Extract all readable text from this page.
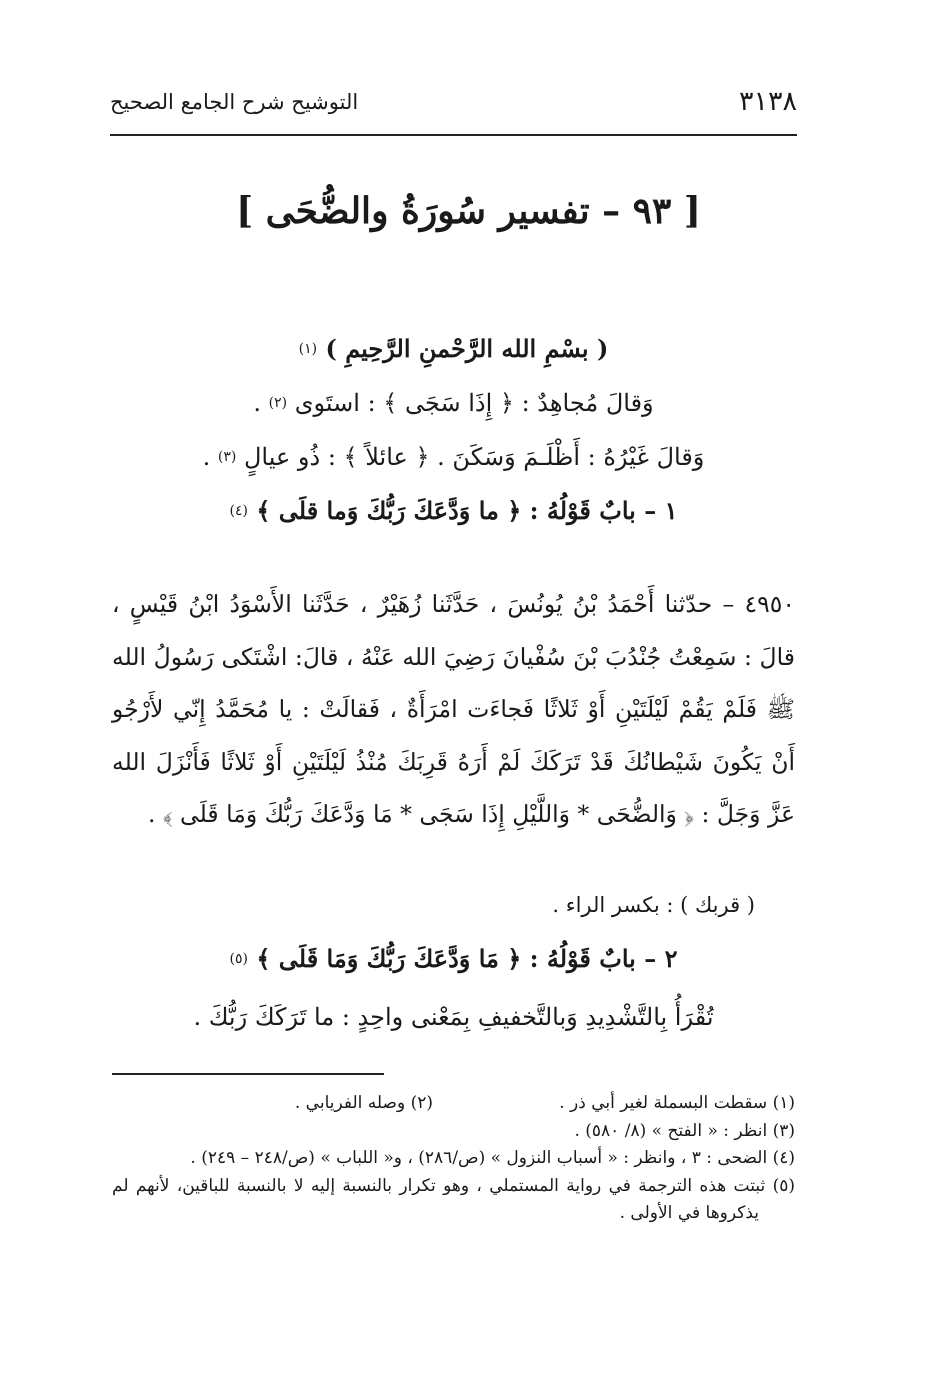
٣١٣٨
التوشيح شرح الجامع الصحيح
[ ٩٣ – تفسير سُورَةُ والضُّحَى ]
( بسْمِ الله الرَّحْمنِ الرَّحِيمِ ) $^{(١)}$
وَقالَ مُجاهِدٌ : ﴿ إِذَا سَجَى ﴾ : استَوى $^{(٢)}$ .
وَقالَ غَيْرُهُ : أَظْلَـمَ وَسَكَنَ . ﴿ عائلاً ﴾ : ذُو عيالٍ $^{(٣)}$ .
١ – بابٌ قَوْلُهُ : ﴿ ما وَدَّعَكَ رَبُّكَ وَما قلَى ﴾ $^{(٤)}$
٤٩٥٠ – حدّثنا أَحْمَدُ بْنُ يُونُسَ ، حَدَّثَنا زُهَيْرٌ ، حَدَّثَنا الأَسْوَدُ ابْنُ قَيْسٍ ، قالَ : سَمِعْتُ جُنْدُبَ بْنَ سُفْيانَ رَضِيَ الله عَنْهُ ، قالَ: اشْتَكى رَسُولُ الله ﷺ فَلَمْ يَقُمْ لَيْلَتَيْنِ أَوْ ثَلاثًا فَجاءَت امْرَأَةٌ ، فَقالَتْ : يا مُحَمَّدُ إِنّي لأَرْجُو أَنْ يَكُونَ شَيْطانُكَ قَدْ تَرَكَكَ لَمْ أَرَهُ قَرِبَكَ مُنْذُ لَيْلَتَيْنِ أَوْ ثَلاثًا فَأَنْزَلَ الله عَزَّ وَجَلَّ : ﴿ وَالضُّحَى * وَاللَّيْلِ إِذَا سَجَى * مَا وَدَّعَكَ رَبُّكَ وَمَا قَلَى ﴾ .
( قربك ) : بكسر الراء .
٢ – بابٌ قَوْلُهُ : ﴿ مَا وَدَّعَكَ رَبُّكَ وَمَا قَلَى ﴾ $^{(٥)}$
تُقْرَأُ بِالتَّشْدِيدِ وَبالتَّخفيفِ بِمَعْنى واحِدٍ : ما تَرَكَكَ رَبُّكَ .
(١) سقطت البسملة لغير أبي ذر .
(٢) وصله الفريابي .
(٣) انظر : « الفتح » (٨/ ٥٨٠) .
(٤) الضحى : ٣ ، وانظر : « أسباب النزول » (ص/٢٨٦) ، و« اللباب » (ص/٢٤٨ – ٢٤٩) .
(٥) ثبتت هذه الترجمة في رواية المستملي ، وهو تكرار بالنسبة إليه لا بالنسبة للباقين، لأنهم لم يذكروها في الأولى .
